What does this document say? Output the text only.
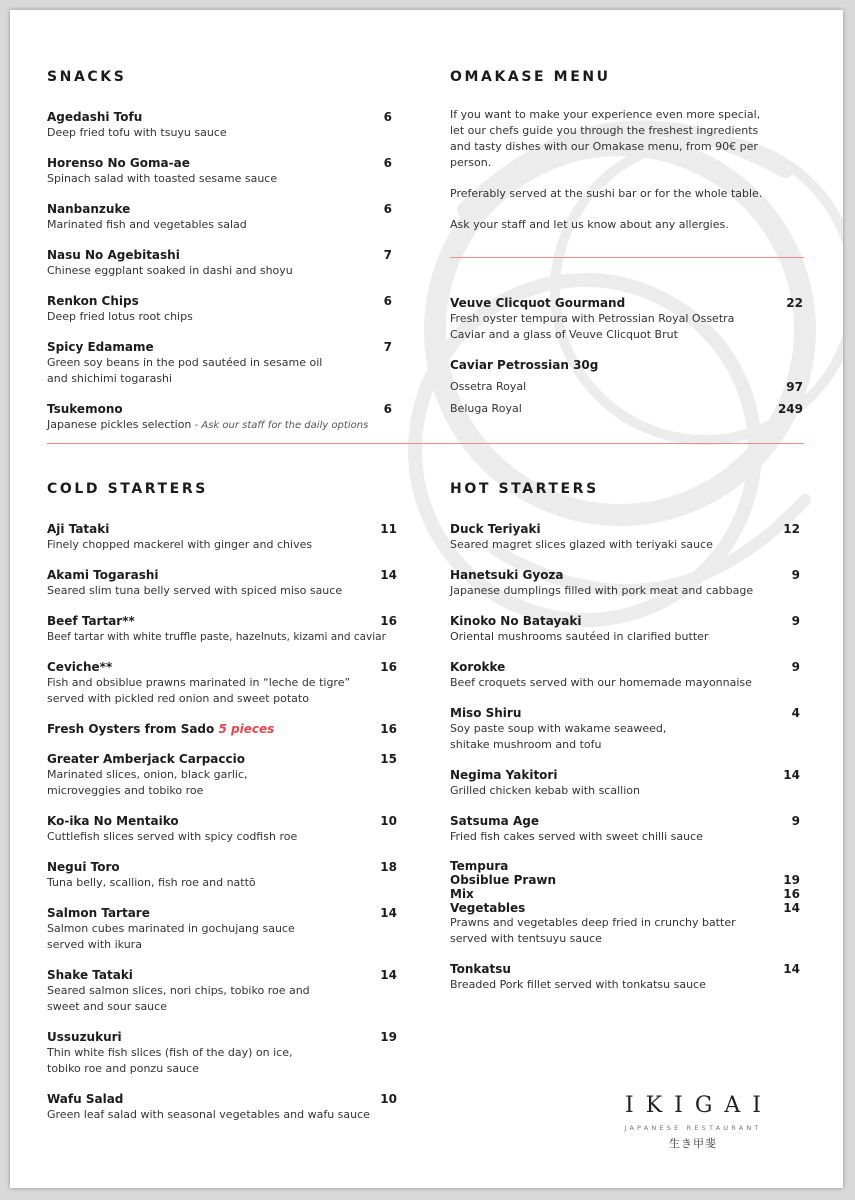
SNACKS
Agedashi Tofu	6
Deep fried tofu with tsuyu sauce
Horenso No Goma-ae	6
Spinach salad with toasted sesame sauce
Nanbanzuke	6
Marinated fish and vegetables salad
Nasu No Agebitashi	7
Chinese eggplant soaked in dashi and shoyu
Renkon Chips	6
Deep fried lotus root chips
Spicy Edamame	7
Green soy beans in the pod sautéed in sesame oil
and shichimi togarashi
Tsukemono	6
Japanese pickles selection - Ask our staff for the daily options
OMAKASE MENU
If you want to make your experience even more special,
let our chefs guide you through the freshest ingredients
and tasty dishes with our Omakase menu, from 90€ per
person.
Preferably served at the sushi bar or for the whole table.
Ask your staff and let us know about any allergies.
Veuve Clicquot Gourmand	22
Fresh oyster tempura with Petrossian Royal Ossetra
Caviar and a glass of Veuve Clicquot Brut
Caviar Petrossian 30g
Ossetra Royal	97
Beluga Royal	249
COLD STARTERS
Aji Tataki	11
Finely chopped mackerel with ginger and chives
Akami Togarashi	14
Seared slim tuna belly served with spiced miso sauce
Beef Tartar**	16
Beef tartar with white truffle paste, hazelnuts, kizami and caviar
Ceviche**	16
Fish and obsiblue prawns marinated in “leche de tigre”
served with pickled red onion and sweet potato
Fresh Oysters from Sado 5 pieces	16
Greater Amberjack Carpaccio	15
Marinated slices, onion, black garlic,
microveggies and tobiko roe
Ko-ika No Mentaiko	10
Cuttlefish slices served with spicy codfish roe
Negui Toro	18
Tuna belly, scallion, fish roe and nattō
Salmon Tartare	14
Salmon cubes marinated in gochujang sauce
served with ikura
Shake Tataki	14
Seared salmon slices, nori chips, tobiko roe and
sweet and sour sauce
Ussuzukuri	19
Thin white fish slices (fish of the day) on ice,
tobiko roe and ponzu sauce
Wafu Salad	10
Green leaf salad with seasonal vegetables and wafu sauce
HOT STARTERS
Duck Teriyaki	12
Seared magret slices glazed with teriyaki sauce
Hanetsuki Gyoza	9
Japanese dumplings filled with pork meat and cabbage
Kinoko No Batayaki	9
Oriental mushrooms sautéed in clarified butter
Korokke	9
Beef croquets served with our homemade mayonnaise
Miso Shiru	4
Soy paste soup with wakame seaweed,
shitake mushroom and tofu
Negima Yakitori	14
Grilled chicken kebab with scallion
Satsuma Age	9
Fried fish cakes served with sweet chilli sauce
Tempura
Obsiblue Prawn	19
Mix	16
Vegetables	14
Prawns and vegetables deep fried in crunchy batter
served with tentsuyu sauce
Tonkatsu	14
Breaded Pork fillet served with tonkatsu sauce
IKIGAI
JAPANESE RESTAURANT
生き甲斐
